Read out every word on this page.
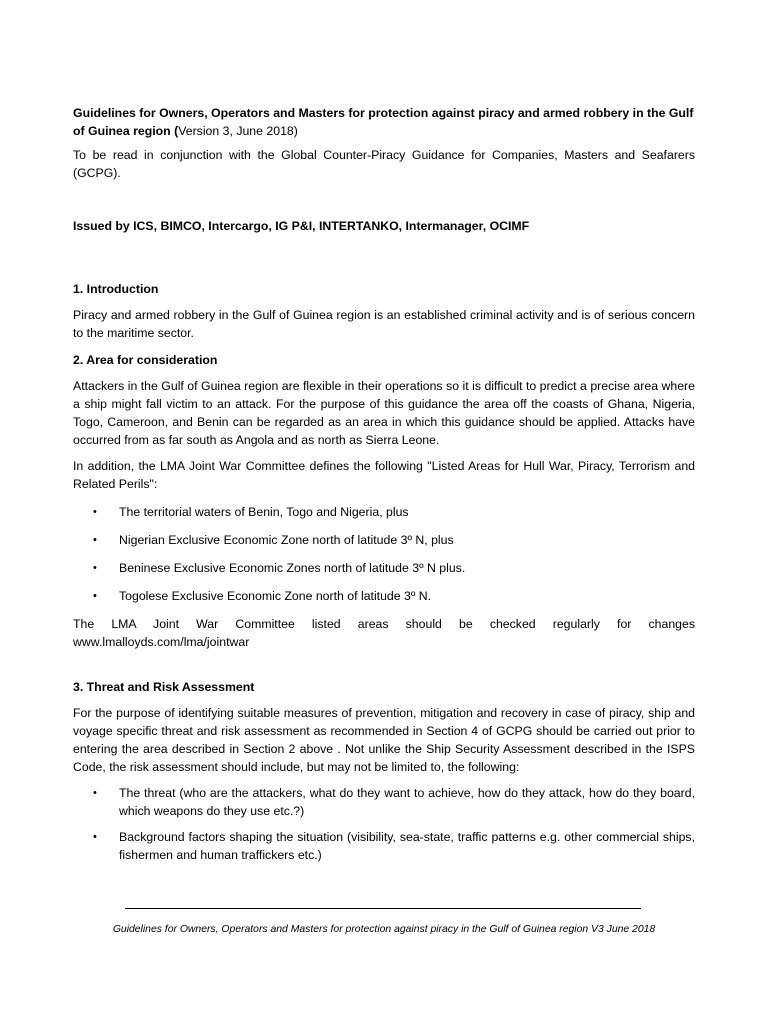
Guidelines for Owners, Operators and Masters for protection against piracy and armed robbery in the Gulf of Guinea region (Version 3, June 2018)

To be read in conjunction with the Global Counter-Piracy Guidance for Companies, Masters and Seafarers (GCPG).

Issued by ICS, BIMCO, Intercargo, IG P&I, INTERTANKO, Intermanager, OCIMF

1. Introduction

Piracy and armed robbery in the Gulf of Guinea region is an established criminal activity and is of serious concern to the maritime sector.

2. Area for consideration

Attackers in the Gulf of Guinea region are flexible in their operations so it is difficult to predict a precise area where a ship might fall victim to an attack. For the purpose of this guidance the area off the coasts of Ghana, Nigeria, Togo, Cameroon, and Benin can be regarded as an area in which this guidance should be applied. Attacks have occurred from as far south as Angola and as north as Sierra Leone.

In addition, the LMA Joint War Committee defines the following "Listed Areas for Hull War, Piracy, Terrorism and Related Perils":

• The territorial waters of Benin, Togo and Nigeria, plus
• Nigerian Exclusive Economic Zone north of latitude 3º N, plus
• Beninese Exclusive Economic Zones north of latitude 3º N plus.
• Togolese Exclusive Economic Zone north of latitude 3º N.

The LMA Joint War Committee listed areas should be checked regularly for changes www.lmalloyds.com/lma/jointwar

3. Threat and Risk Assessment

For the purpose of identifying suitable measures of prevention, mitigation and recovery in case of piracy, ship and voyage specific threat and risk assessment as recommended in Section 4 of GCPG should be carried out prior to entering the area described in Section 2 above . Not unlike the Ship Security Assessment described in the ISPS Code, the risk assessment should include, but may not be limited to, the following:

• The threat (who are the attackers, what do they want to achieve, how do they attack, how do they board, which weapons do they use etc.?)
• Background factors shaping the situation (visibility, sea-state, traffic patterns e.g. other commercial ships, fishermen and human traffickers etc.)
Guidelines for Owners, Operators and Masters for protection against piracy in the Gulf of Guinea region V3 June 2018
